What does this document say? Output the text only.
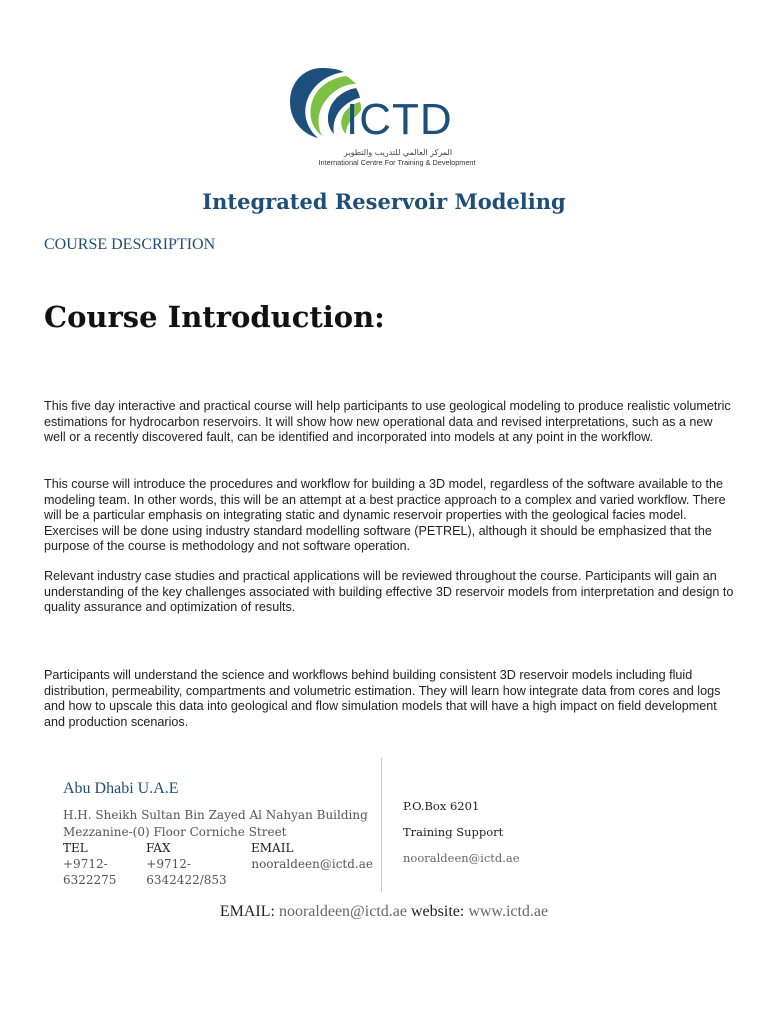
ICTD
المركز العالمي للتدريب والتطوير
International Centre For Training & Development
Integrated Reservoir Modeling
COURSE DESCRIPTION
Course Introduction:

This five day interactive and practical course will help participants to use geological modeling to produce realistic volumetric estimations for hydrocarbon reservoirs. It will show how new operational data and revised interpretations, such as a new well or a recently discovered fault, can be identified and incorporated into models at any point in the workflow.

This course will introduce the procedures and workflow for building a 3D model, regardless of the software available to the modeling team. In other words, this will be an attempt at a best practice approach to a complex and varied workflow. There will be a particular emphasis on integrating static and dynamic reservoir properties with the geological facies model. Exercises will be done using industry standard modelling software (PETREL), although it should be emphasized that the purpose of the course is methodology and not software operation.

Relevant industry case studies and practical applications will be reviewed throughout the course. Participants will gain an understanding of the key challenges associated with building effective 3D reservoir models from interpretation and design to quality assurance and optimization of results.

Participants will understand the science and workflows behind building consistent 3D reservoir models including fluid distribution, permeability, compartments and volumetric estimation. They will learn how integrate data from cores and logs and how to upscale this data into geological and flow simulation models that will have a high impact on field development and production scenarios.

Abu Dhabi U.A.E
H.H. Sheikh Sultan Bin Zayed Al Nahyan Building
Mezzanine-(0) Floor Corniche Street
TEL	FAX	EMAIL
+9712-6322275

+9712-6342422/853

nooraldeen@ictd.ae
P.O.Box 6201
Training Support
nooraldeen@ictd.ae
EMAIL: nooraldeen@ictd.ae website: www.ictd.ae
